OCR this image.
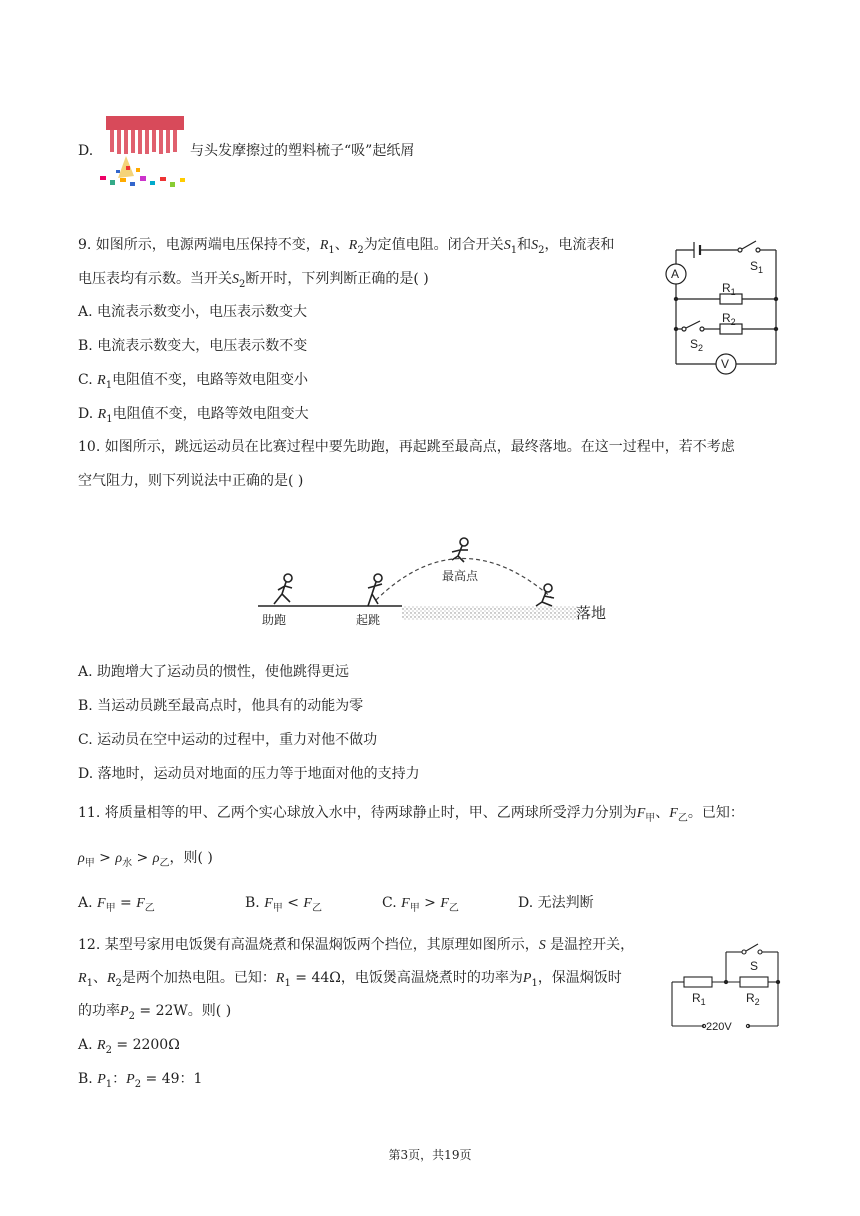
D.	与头发摩擦过的塑料梳子“吸”起纸屑
9. 如图所示，电源两端电压保持不变，$R_1$、$R_2$为定值电阻。闭合开关$S_1$和$S_2$，电流表和
电压表均有示数。当开关$S_2$断开时，下列判断正确的是( )
A. 电流表示数变小，电压表示数变大
B. 电流表示数变大，电压表示数不变
C. $R_1$电阻值不变，电路等效电阻变小
D. $R_1$电阻值不变，电路等效电阻变大
A
V
$S_1$
$S_2$
$R_1$
$R_2$
10. 如图所示，跳远运动员在比赛过程中要先助跑，再起跳至最高点，最终落地。在这一过程中，若不考虑
空气阻力，则下列说法中正确的是( )
助跑	起跳
最高点
落地
A. 助跑增大了运动员的惯性，使他跳得更远
B. 当运动员跳至最高点时，他具有的动能为零
C. 运动员在空中运动的过程中，重力对他不做功
D. 落地时，运动员对地面的压力等于地面对他的支持力
11. 将质量相等的甲、乙两个实心球放入水中，待两球静止时，甲、乙两球所受浮力分别为$F_甲$、$F_乙$。已知：
$\rho_甲 > \rho_水 > \rho_乙$，则( )
A. $F_甲 = F_乙$	B. $F_甲 < F_乙$	C. $F_甲 > F_乙$	D. 无法判断
12. 某型号家用电饭煲有高温烧煮和保温焖饭两个挡位，其原理如图所示，S 是温控开关，
$R_1$、$R_2$是两个加热电阻。已知：$R_1 = 44\Omega$，电饭煲高温烧煮时的功率为$P_1$，保温焖饭时
的功率$P_2 = 22W$。则( )
A. $R_2 = 2200\Omega$
B. $P_1$：$P_2 = 49$：1
S
$R_1$	$R_2$
220V
第3页，共19页
